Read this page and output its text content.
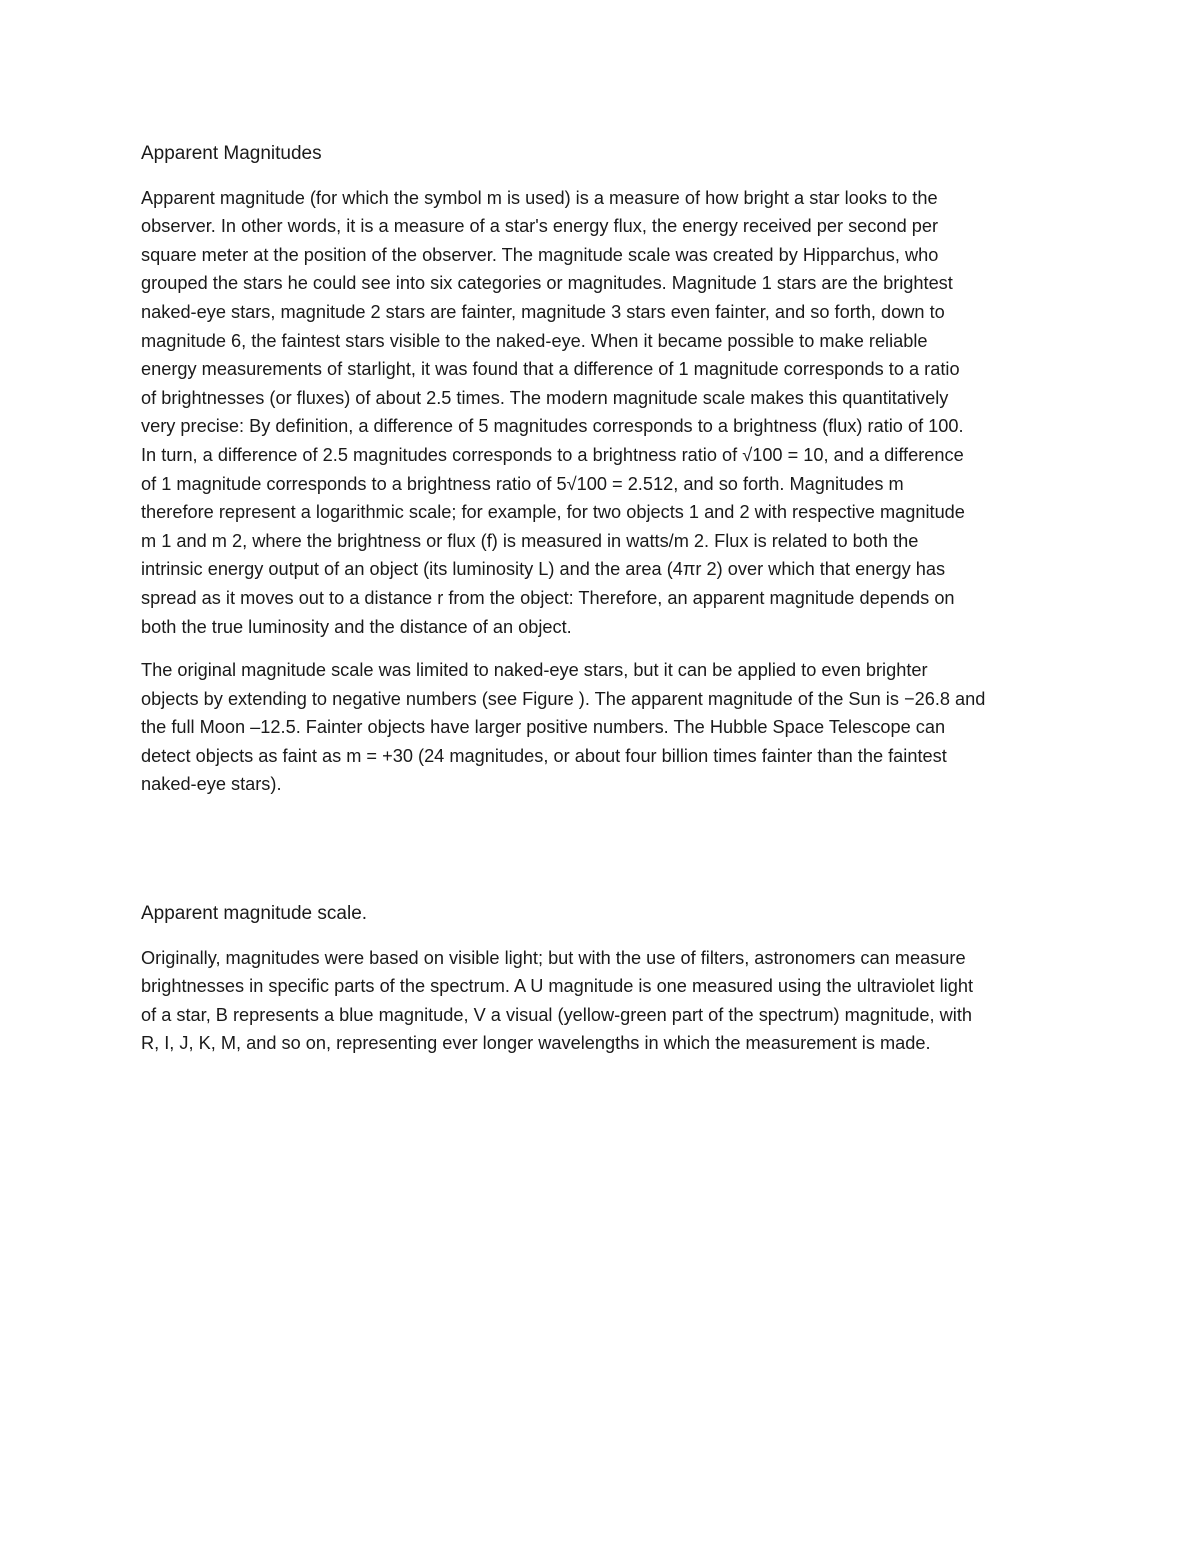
Apparent Magnitudes
Apparent magnitude (for which the symbol m is used) is a measure of how bright a star looks to the
observer. In other words, it is a measure of a star's energy flux, the energy received per second per
square meter at the position of the observer. The magnitude scale was created by Hipparchus, who
grouped the stars he could see into six categories or magnitudes. Magnitude 1 stars are the brightest
naked-eye stars, magnitude 2 stars are fainter, magnitude 3 stars even fainter, and so forth, down to
magnitude 6, the faintest stars visible to the naked-eye. When it became possible to make reliable
energy measurements of starlight, it was found that a difference of 1 magnitude corresponds to a ratio
of brightnesses (or fluxes) of about 2.5 times. The modern magnitude scale makes this quantitatively
very precise: By definition, a difference of 5 magnitudes corresponds to a brightness (flux) ratio of 100.
In turn, a difference of 2.5 magnitudes corresponds to a brightness ratio of √100 = 10, and a difference
of 1 magnitude corresponds to a brightness ratio of 5√100 = 2.512, and so forth. Magnitudes m
therefore represent a logarithmic scale; for example, for two objects 1 and 2 with respective magnitude
m 1 and m 2, where the brightness or flux (f) is measured in watts/m 2. Flux is related to both the
intrinsic energy output of an object (its luminosity L) and the area (4πr 2) over which that energy has
spread as it moves out to a distance r from the object: Therefore, an apparent magnitude depends on
both the true luminosity and the distance of an object.
The original magnitude scale was limited to naked-eye stars, but it can be applied to even brighter
objects by extending to negative numbers (see Figure ). The apparent magnitude of the Sun is −26.8 and
the full Moon –12.5. Fainter objects have larger positive numbers. The Hubble Space Telescope can
detect objects as faint as m = +30 (24 magnitudes, or about four billion times fainter than the faintest
naked-eye stars).
Apparent magnitude scale.
Originally, magnitudes were based on visible light; but with the use of filters, astronomers can measure
brightnesses in specific parts of the spectrum. A U magnitude is one measured using the ultraviolet light
of a star, B represents a blue magnitude, V a visual (yellow-green part of the spectrum) magnitude, with
R, I, J, K, M, and so on, representing ever longer wavelengths in which the measurement is made.
